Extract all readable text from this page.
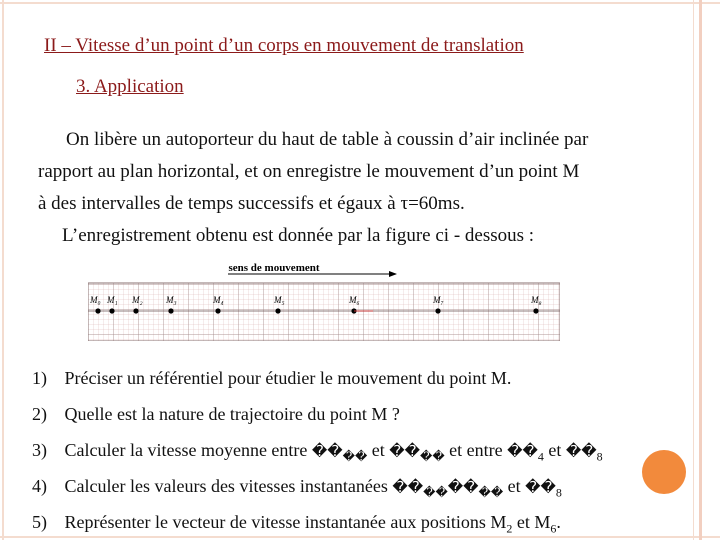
II – Vitesse d’un point d’un corps en mouvement de translation
3. Application
On libère un autoporteur du haut de table à coussin d’air inclinée par
rapport au plan horizontal, et on enregistre le mouvement d’un point M
à des intervalles de temps successifs et égaux à τ=60ms.
L’enregistrement obtenu est donnée par la figure ci - dessous :
sens de mouvement
M₀ M₁ M₂	M₃	M₄	M₅	M₆	M₇	M₈
1) Préciser un référentiel pour étudier le mouvement du point M.
2) Quelle est la nature de trajectoire du point M ?
3) Calculer la vitesse moyenne entre $��_{��}$ et $��_{��}$ et entre $��_4$ et $��_8$
4) Calculer les valeurs des vitesses instantanées $��_{��}��_{��}$ et $��_8$
5) Représenter le vecteur de vitesse instantanée aux positions $M_2$ et $M_6$.
